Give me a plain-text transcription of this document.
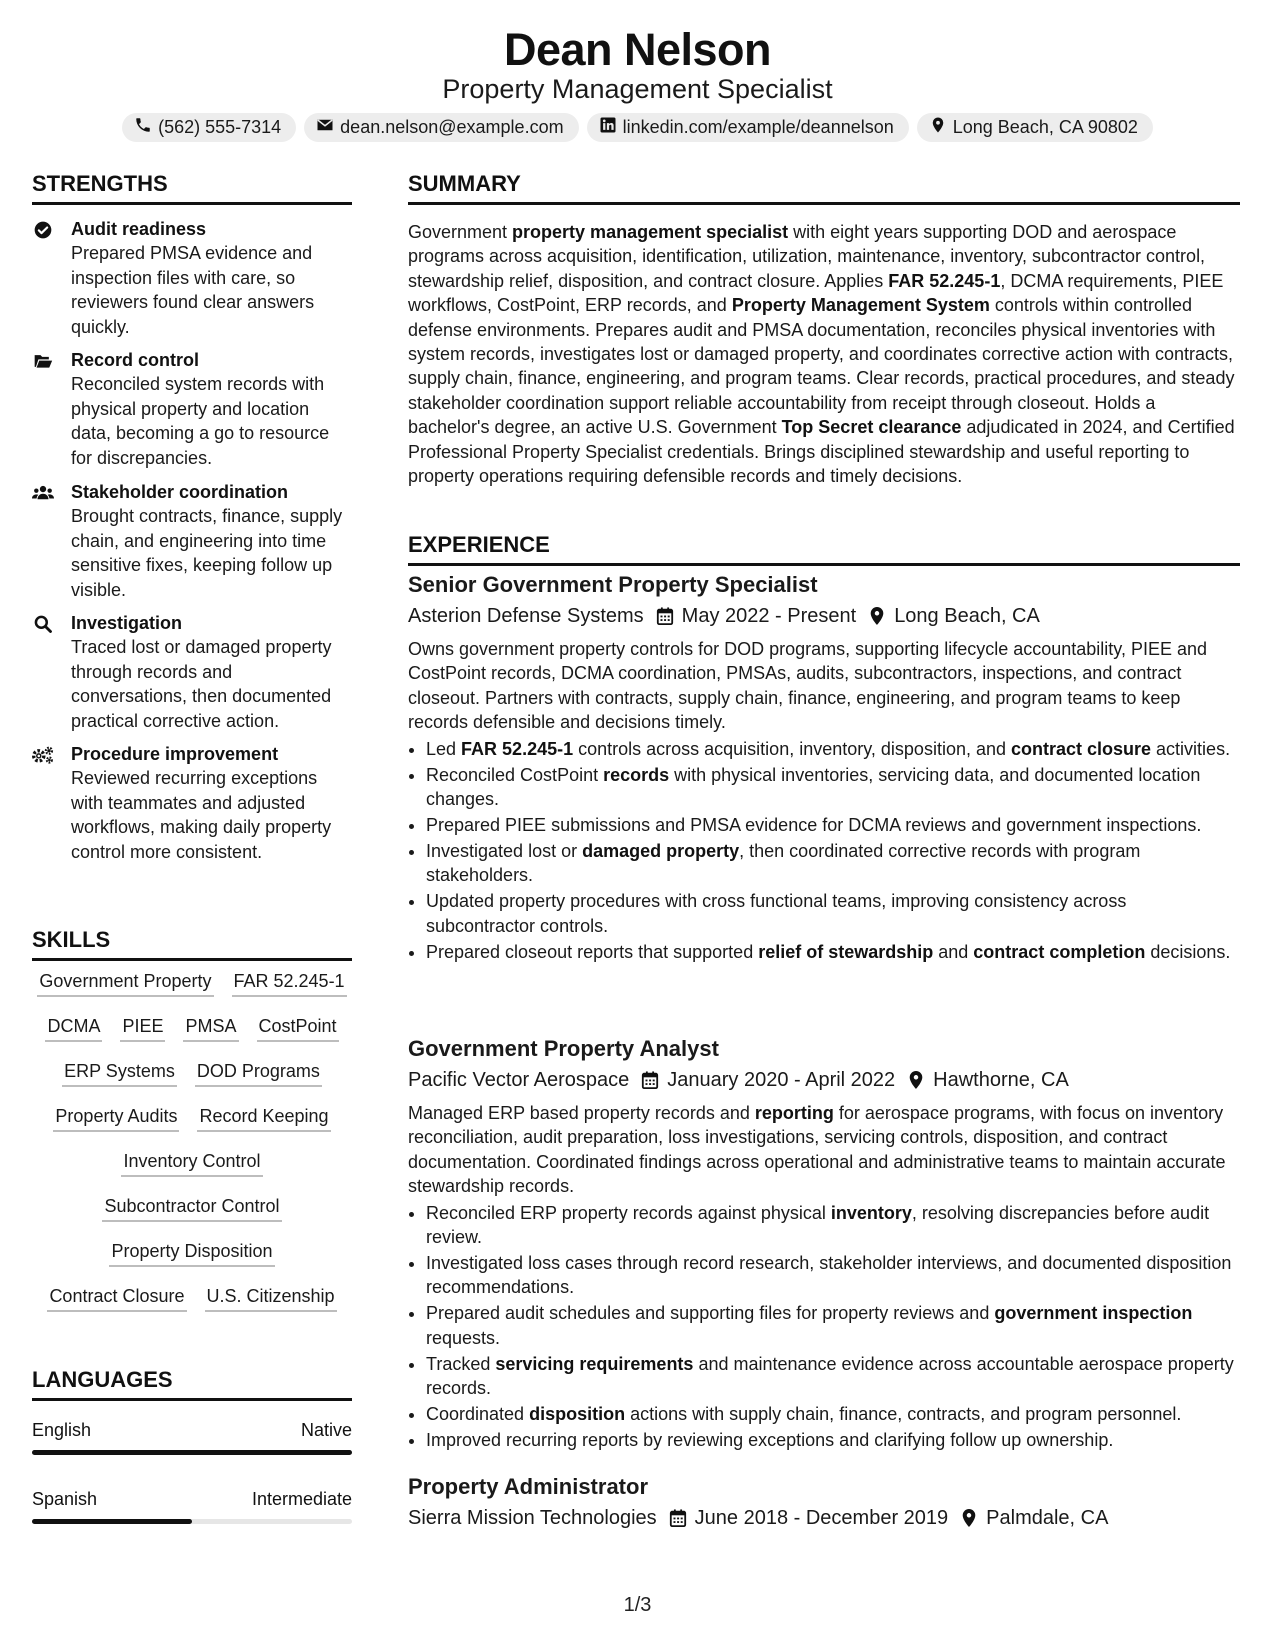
Dean Nelson
Property Management Specialist
(562) 555-7314	dean.nelson@example.com	linkedin.com/example/deannelson	Long Beach, CA 90802
STRENGTHS
Audit readiness
Prepared PMSA evidence and inspection files with care, so reviewers found clear answers quickly.
Record control
Reconciled system records with physical property and location data, becoming a go to resource for discrepancies.
Stakeholder coordination
Brought contracts, finance, supply chain, and engineering into time sensitive fixes, keeping follow up visible.
Investigation
Traced lost or damaged property through records and conversations, then documented practical corrective action.
Procedure improvement
Reviewed recurring exceptions with teammates and adjusted workflows, making daily property control more consistent.
SKILLS
Government Property FAR 52.245-1
DCMA PIEE PMSA CostPoint
ERP Systems DOD Programs
Property Audits Record Keeping
Inventory Control
Subcontractor Control
Property Disposition
Contract Closure U.S. Citizenship
LANGUAGES
English	Native
Spanish	Intermediate
SUMMARY
Government property management specialist with eight years supporting DOD and aerospace programs across acquisition, identification, utilization, maintenance, inventory, subcontractor control, stewardship relief, disposition, and contract closure. Applies FAR 52.245-1, DCMA requirements, PIEE workflows, CostPoint, ERP records, and Property Management System controls within controlled defense environments. Prepares audit and PMSA documentation, reconciles physical inventories with system records, investigates lost or damaged property, and coordinates corrective action with contracts, supply chain, finance, engineering, and program teams. Clear records, practical procedures, and steady stakeholder coordination support reliable accountability from receipt through closeout. Holds a bachelor's degree, an active U.S. Government Top Secret clearance adjudicated in 2024, and Certified Professional Property Specialist credentials. Brings disciplined stewardship and useful reporting to property operations requiring defensible records and timely decisions.
EXPERIENCE
Senior Government Property Specialist
Asterion Defense Systems May 2022 - Present Long Beach, CA
Owns government property controls for DOD programs, supporting lifecycle accountability, PIEE and CostPoint records, DCMA coordination, PMSAs, audits, subcontractors, inspections, and contract closeout. Partners with contracts, supply chain, finance, engineering, and program teams to keep records defensible and decisions timely.
• Led FAR 52.245-1 controls across acquisition, inventory, disposition, and contract closure activities.
• Reconciled CostPoint records with physical inventories, servicing data, and documented location changes.
• Prepared PIEE submissions and PMSA evidence for DCMA reviews and government inspections.
• Investigated lost or damaged property, then coordinated corrective records with program stakeholders.
• Updated property procedures with cross functional teams, improving consistency across subcontractor controls.
• Prepared closeout reports that supported relief of stewardship and contract completion decisions.
Government Property Analyst
Pacific Vector Aerospace January 2020 - April 2022 Hawthorne, CA
Managed ERP based property records and reporting for aerospace programs, with focus on inventory reconciliation, audit preparation, loss investigations, servicing controls, disposition, and contract documentation. Coordinated findings across operational and administrative teams to maintain accurate stewardship records.
• Reconciled ERP property records against physical inventory, resolving discrepancies before audit review.
• Investigated loss cases through record research, stakeholder interviews, and documented disposition recommendations.
• Prepared audit schedules and supporting files for property reviews and government inspection requests.
• Tracked servicing requirements and maintenance evidence across accountable aerospace property records.
• Coordinated disposition actions with supply chain, finance, contracts, and program personnel.
• Improved recurring reports by reviewing exceptions and clarifying follow up ownership.
Property Administrator
Sierra Mission Technologies June 2018 - December 2019 Palmdale, CA
1/3
